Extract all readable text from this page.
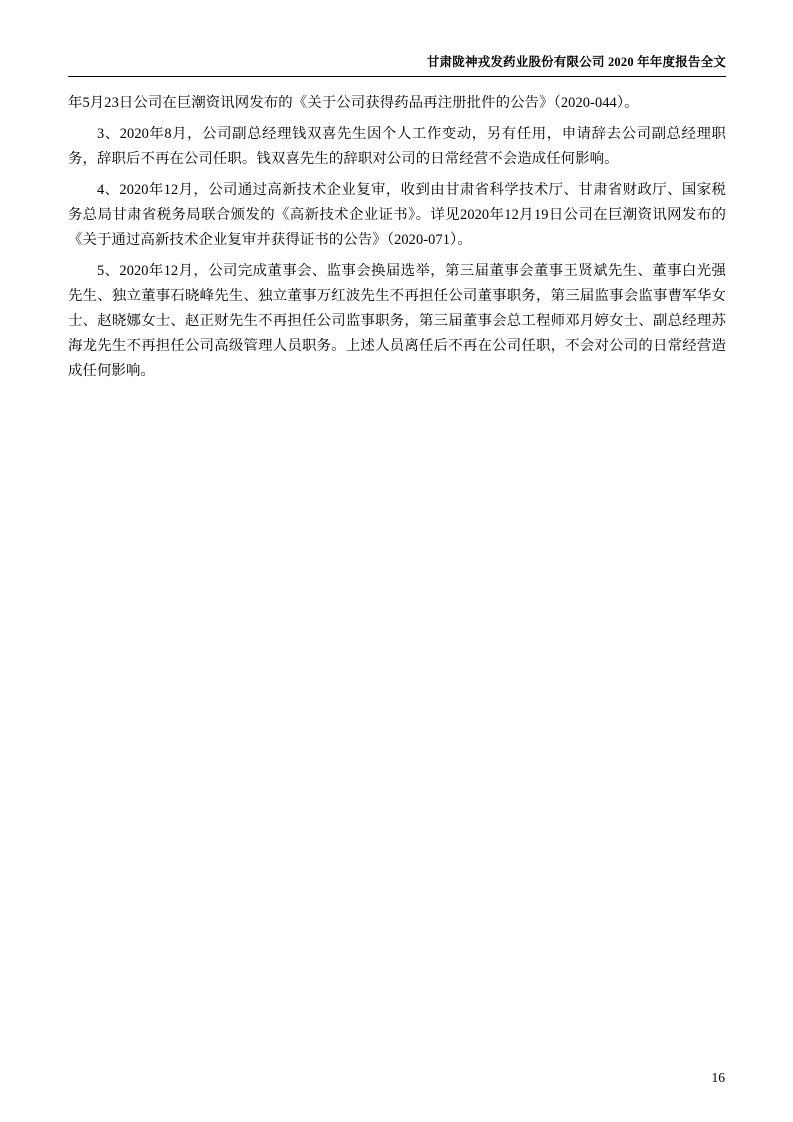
甘肃陇神戎发药业股份有限公司 2020 年年度报告全文

年5月23日公司在巨潮资讯网发布的《关于公司获得药品再注册批件的公告》（2020-044）。

3、2020年8月，公司副总经理钱双喜先生因个人工作变动，另有任用，申请辞去公司副总经理职务，辞职后不再在公司任职。钱双喜先生的辞职对公司的日常经营不会造成任何影响。

4、2020年12月，公司通过高新技术企业复审，收到由甘肃省科学技术厅、甘肃省财政厅、国家税务总局甘肃省税务局联合颁发的《高新技术企业证书》。详见2020年12月19日公司在巨潮资讯网发布的《关于通过高新技术企业复审并获得证书的公告》（2020-071）。

5、2020年12月，公司完成董事会、监事会换届选举，第三届董事会董事王贤斌先生、董事白光强先生、独立董事石晓峰先生、独立董事万红波先生不再担任公司董事职务，第三届监事会监事曹军华女士、赵晓娜女士、赵正财先生不再担任公司监事职务，第三届董事会总工程师邓月婷女士、副总经理苏海龙先生不再担任公司高级管理人员职务。上述人员离任后不再在公司任职，不会对公司的日常经营造成任何影响。

16
